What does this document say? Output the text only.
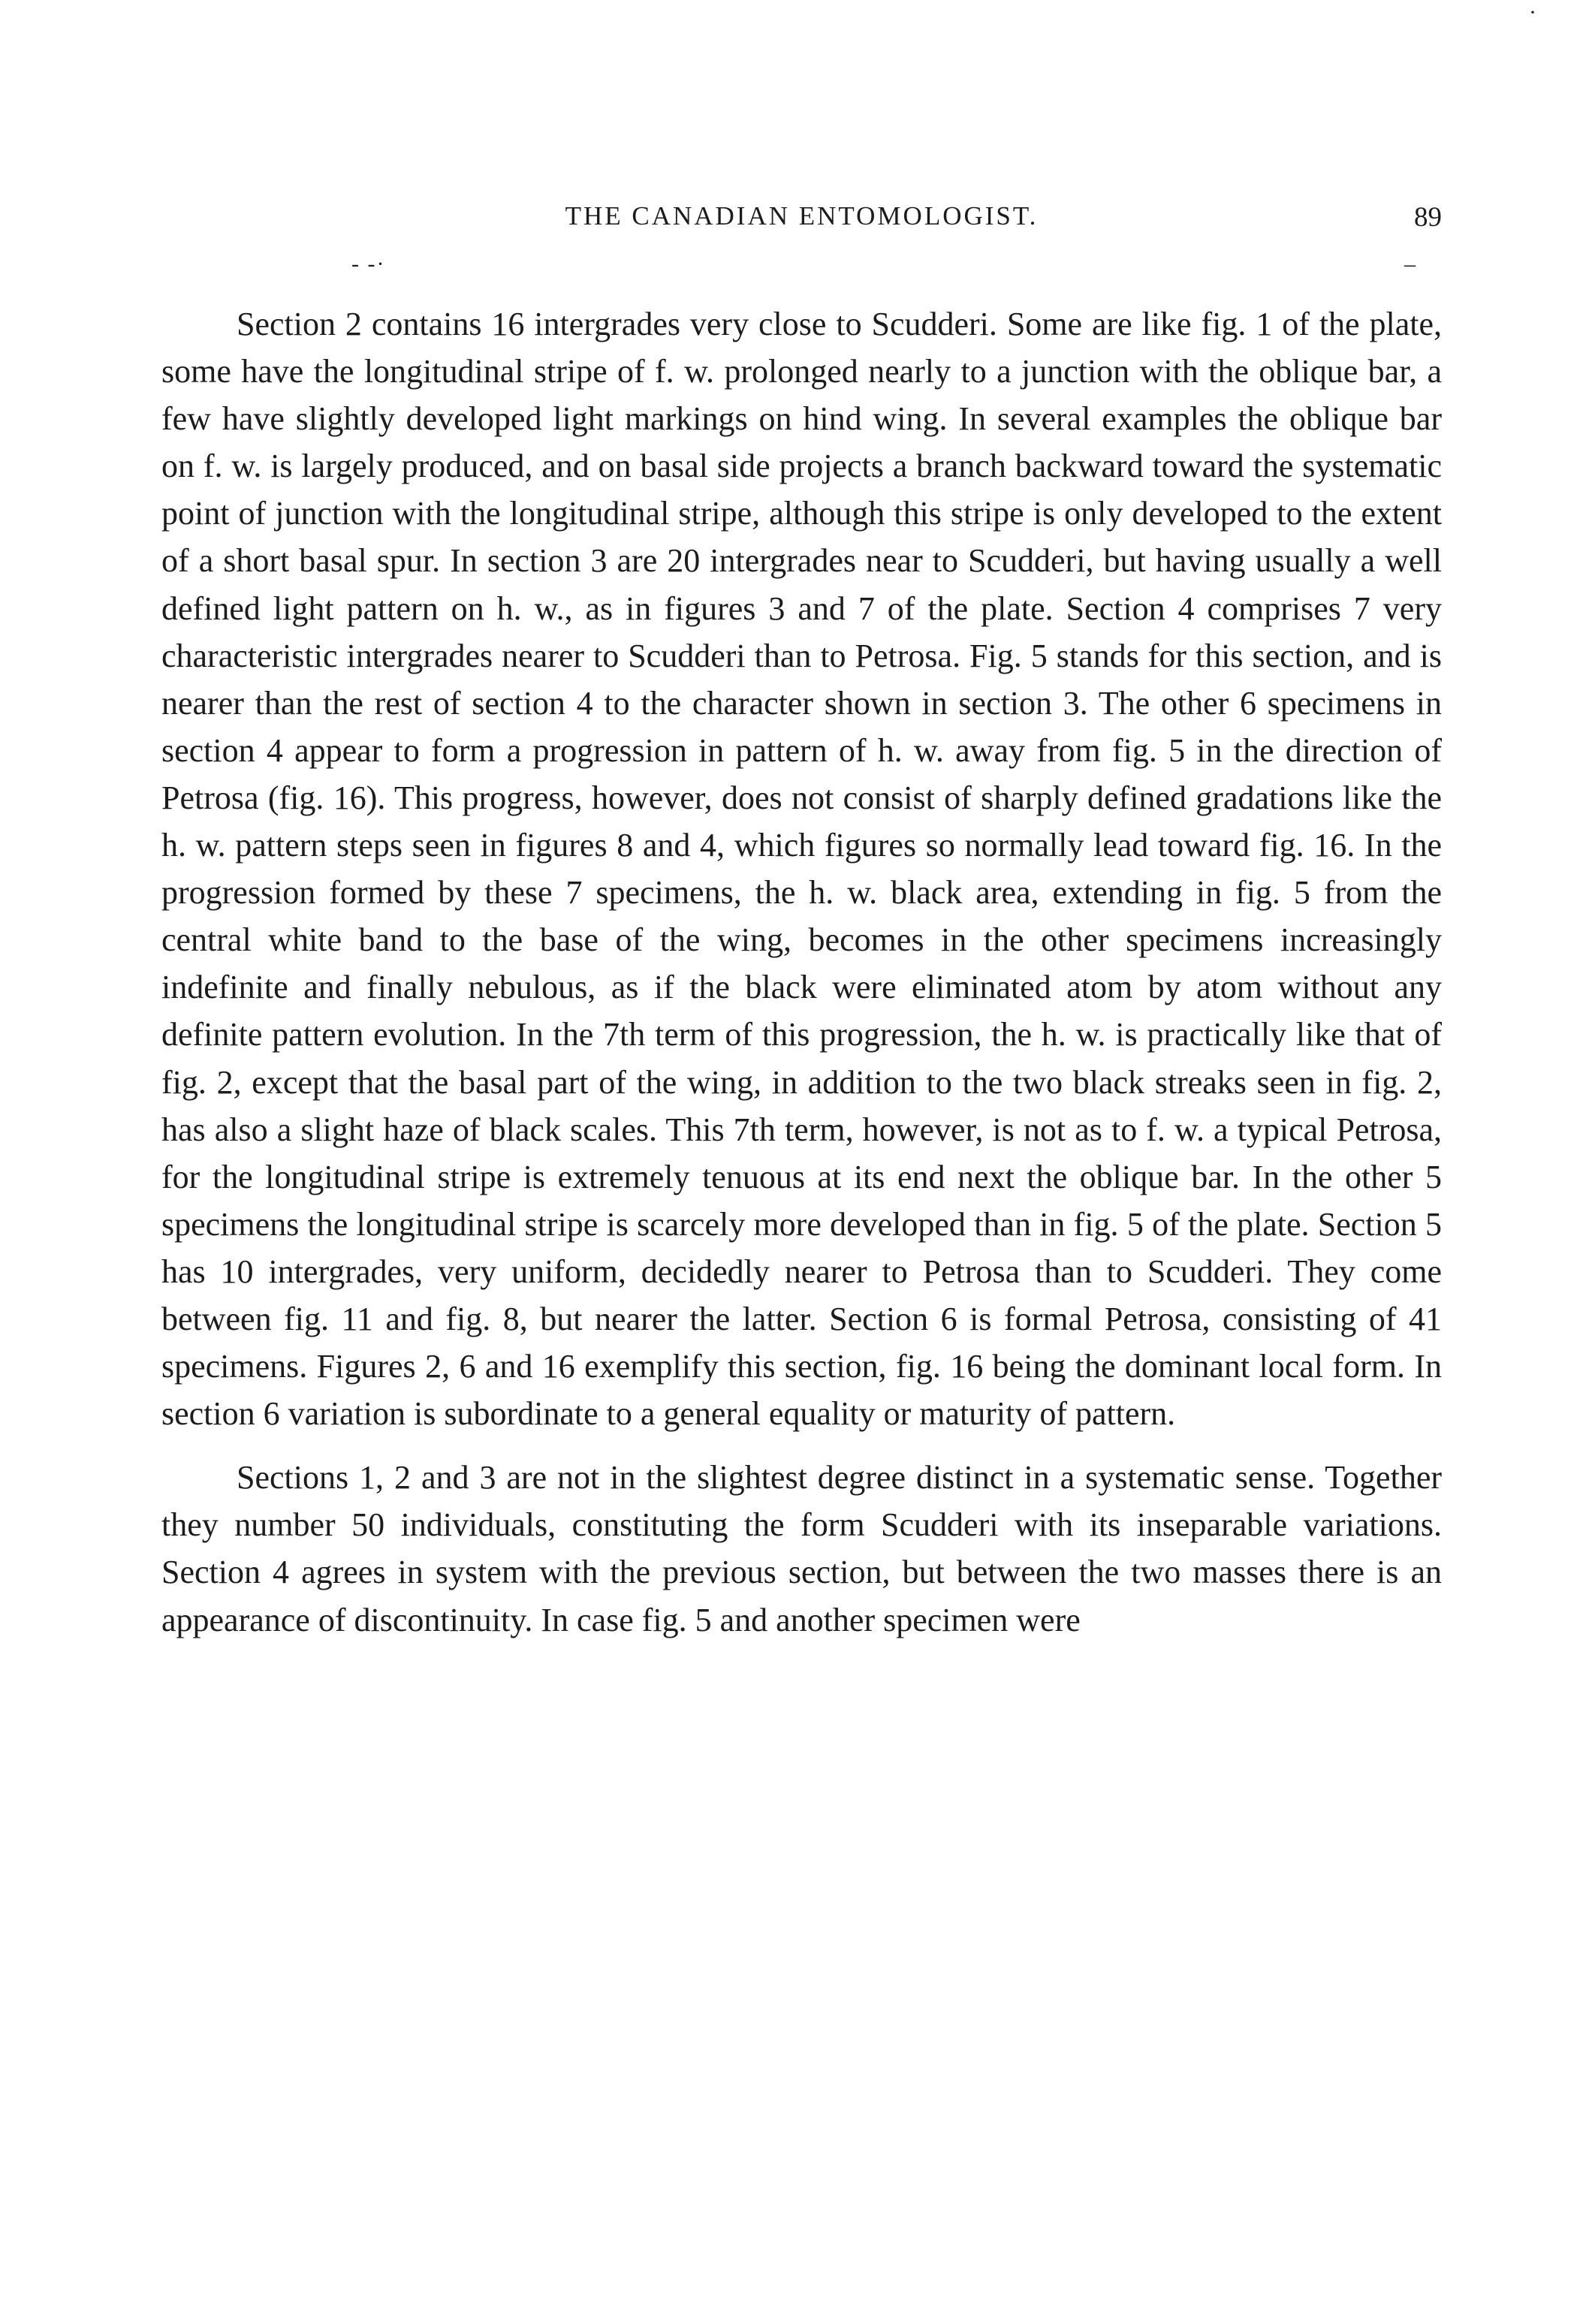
THE CANADIAN ENTOMOLOGIST.	89
- -·	–
·

Section 2 contains 16 intergrades very close to Scudderi. Some are like fig. 1 of the plate, some have the longitudinal stripe of f. w. prolonged nearly to a junction with the oblique bar, a few have slightly developed light markings on hind wing. In several examples the oblique bar on f. w. is largely produced, and on basal side projects a branch backward toward the systematic point of junction with the longitudinal stripe, although this stripe is only developed to the extent of a short basal spur. In section 3 are 20 intergrades near to Scudderi, but having usually a well defined light pattern on h. w., as in figures 3 and 7 of the plate. Section 4 comprises 7 very characteristic intergrades nearer to Scudderi than to Petrosa. Fig. 5 stands for this section, and is nearer than the rest of section 4 to the character shown in section 3. The other 6 specimens in section 4 appear to form a progression in pattern of h. w. away from fig. 5 in the direction of Petrosa (fig. 16). This progress, however, does not consist of sharply defined gradations like the h. w. pattern steps seen in figures 8 and 4, which figures so normally lead toward fig. 16. In the progression formed by these 7 specimens, the h. w. black area, extending in fig. 5 from the central white band to the base of the wing, becomes in the other specimens increasingly indefinite and finally nebulous, as if the black were eliminated atom by atom without any definite pattern evolution. In the 7th term of this progression, the h. w. is practically like that of fig. 2, except that the basal part of the wing, in addition to the two black streaks seen in fig. 2, has also a slight haze of black scales. This 7th term, however, is not as to f. w. a typical Petrosa, for the longitudinal stripe is extremely tenuous at its end next the oblique bar. In the other 5 specimens the longitudinal stripe is scarcely more developed than in fig. 5 of the plate. Section 5 has 10 intergrades, very uniform, decidedly nearer to Petrosa than to Scudderi. They come between fig. 11 and fig. 8, but nearer the latter. Section 6 is formal Petrosa, consisting of 41 specimens. Figures 2, 6 and 16 exemplify this section, fig. 16 being the dominant local form. In section 6 variation is subordinate to a general equality or maturity of pattern.

Sections 1, 2 and 3 are not in the slightest degree distinct in a systematic sense. Together they number 50 individuals, constituting the form Scudderi with its inseparable variations. Section 4 agrees in system with the previous section, but between the two masses there is an appearance of discontinuity. In case fig. 5 and another specimen were
